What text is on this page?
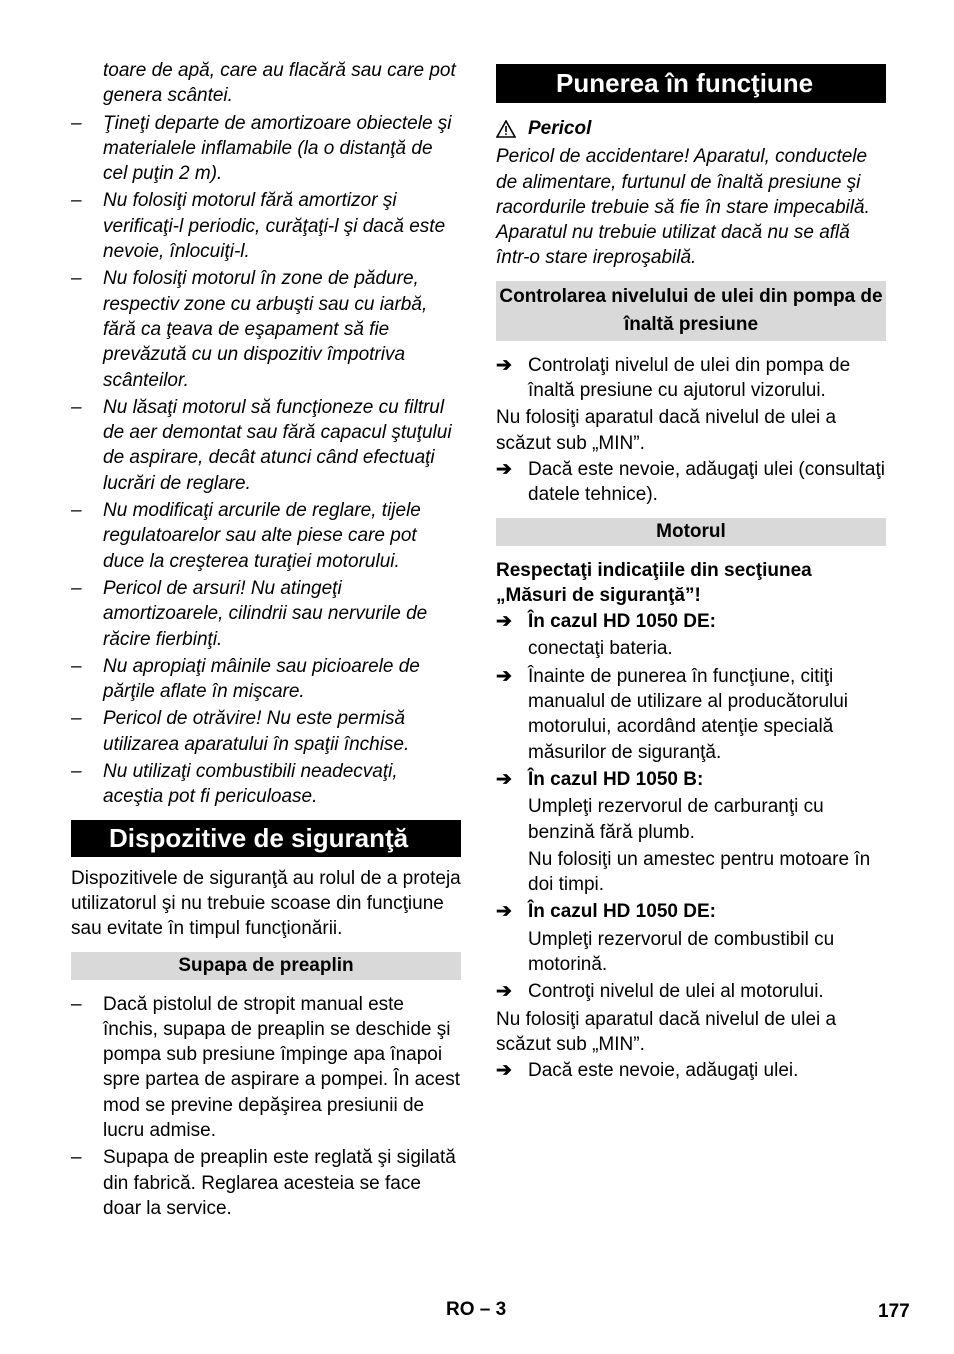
toare de apă, care au flacără sau care pot genera scântei.
– Ţineţi departe de amortizoare obiectele şi materialele inflamabile (la o distanţă de cel puţin 2 m).
– Nu folosiţi motorul fără amortizor şi verificaţi-l periodic, curăţaţi-l şi dacă este nevoie, înlocuiţi-l.
– Nu folosiţi motorul în zone de pădure, respectiv zone cu arbuşti sau cu iarbă, fără ca ţeava de eşapament să fie prevăzută cu un dispozitiv împotriva scânteilor.
– Nu lăsaţi motorul să funcţioneze cu filtrul de aer demontat sau fără capacul ştuţului de aspirare, decât atunci când efectuaţi lucrări de reglare.
– Nu modificaţi arcurile de reglare, tijele regulatoarelor sau alte piese care pot duce la creşterea turaţiei motorului.
– Pericol de arsuri! Nu atingeţi amortizoarele, cilindrii sau nervurile de răcire fierbinţi.
– Nu apropiaţi mâinile sau picioarele de părţile aflate în mişcare.
– Pericol de otrăvire! Nu este permisă utilizarea aparatului în spaţii închise.
– Nu utilizaţi combustibili neadecvaţi, aceştia pot fi periculoase.
Dispozitive de siguranţă

Dispozitivele de siguranţă au rolul de a proteja utilizatorul şi nu trebuie scoase din funcţiune sau evitate în timpul funcţionării.

Supapa de preaplin
– Dacă pistolul de stropit manual este închis, supapa de preaplin se deschide şi pompa sub presiune împinge apa înapoi spre partea de aspirare a pompei. În acest mod se previne depăşirea presiunii de lucru admise.
– Supapa de preaplin este reglată şi sigilată din fabrică. Reglarea acesteia se face doar la service.
Punerea în funcţiune
Pericol

Pericol de accidentare! Aparatul, conductele de alimentare, furtunul de înaltă presiune şi racordurile trebuie să fie în stare impecabilă. Aparatul nu trebuie utilizat dacă nu se află într-o stare ireproşabilă.

Controlarea nivelului de ulei din pompa de înaltă presiune
➔ Controlaţi nivelul de ulei din pompa de înaltă presiune cu ajutorul vizorului.

Nu folosiţi aparatul dacă nivelul de ulei a scăzut sub „MIN”.

➔ Dacă este nevoie, adăugaţi ulei (consultaţi datele tehnice).
Motorul

Respectaţi indicaţiile din secţiunea „Măsuri de siguranţă”!

➔ În cazul HD 1050 DE:
conectaţi bateria.
➔ Înainte de punerea în funcţiune, citiţi manualul de utilizare al producătorului motorului, acordând atenţie specială măsurilor de siguranţă.
➔ În cazul HD 1050 B:
Umpleţi rezervorul de carburanţi cu benzină fără plumb.
Nu folosiţi un amestec pentru motoare în doi timpi.
➔ În cazul HD 1050 DE:
Umpleţi rezervorul de combustibil cu motorină.
➔ Controţi nivelul de ulei al motorului.

Nu folosiţi aparatul dacă nivelul de ulei a scăzut sub „MIN”.

➔ Dacă este nevoie, adăugaţi ulei.
RO – 3	177
